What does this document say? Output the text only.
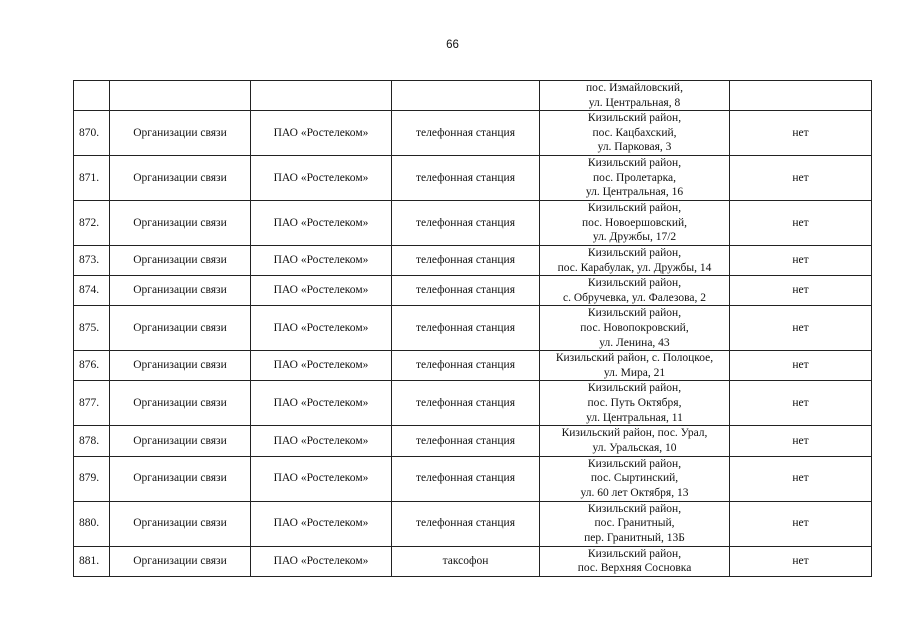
66

				пос. Измайловский,
ул. Центральная, 8	

870.	Организации связи	ПАО «Ростелеком»	телефонная станция	Кизильский район,
пос. Кацбахский,
ул. Парковая, 3	нет
871.	Организации связи	ПАО «Ростелеком»	телефонная станция	Кизильский район,
пос. Пролетарка,
ул. Центральная, 16	нет
872.	Организации связи	ПАО «Ростелеком»	телефонная станция	Кизильский район,
пос. Новоершовский,
ул. Дружбы, 17/2	нет
873.	Организации связи	ПАО «Ростелеком»	телефонная станция	Кизильский район,
пос. Карабулак, ул. Дружбы, 14	нет
874.	Организации связи	ПАО «Ростелеком»	телефонная станция	Кизильский район,
с. Обручевка, ул. Фалезова, 2	нет
875.	Организации связи	ПАО «Ростелеком»	телефонная станция	Кизильский район,
пос. Новопокровский,
ул. Ленина, 43	нет
876.	Организации связи	ПАО «Ростелеком»	телефонная станция	Кизильский район, с. Полоцкое,
ул. Мира, 21	нет
877.	Организации связи	ПАО «Ростелеком»	телефонная станция	Кизильский район,
пос. Путь Октября,
ул. Центральная, 11	нет
878.	Организации связи	ПАО «Ростелеком»	телефонная станция	Кизильский район, пос. Урал,
ул. Уральская, 10	нет
879.	Организации связи	ПАО «Ростелеком»	телефонная станция	Кизильский район,
пос. Сыртинский,
ул. 60 лет Октября, 13	нет
880.	Организации связи	ПАО «Ростелеком»	телефонная станция	Кизильский район,
пос. Гранитный,
пер. Гранитный, 13Б	нет
881.	Организации связи	ПАО «Ростелеком»	таксофон	Кизильский район,
пос. Верхняя Сосновка	нет
